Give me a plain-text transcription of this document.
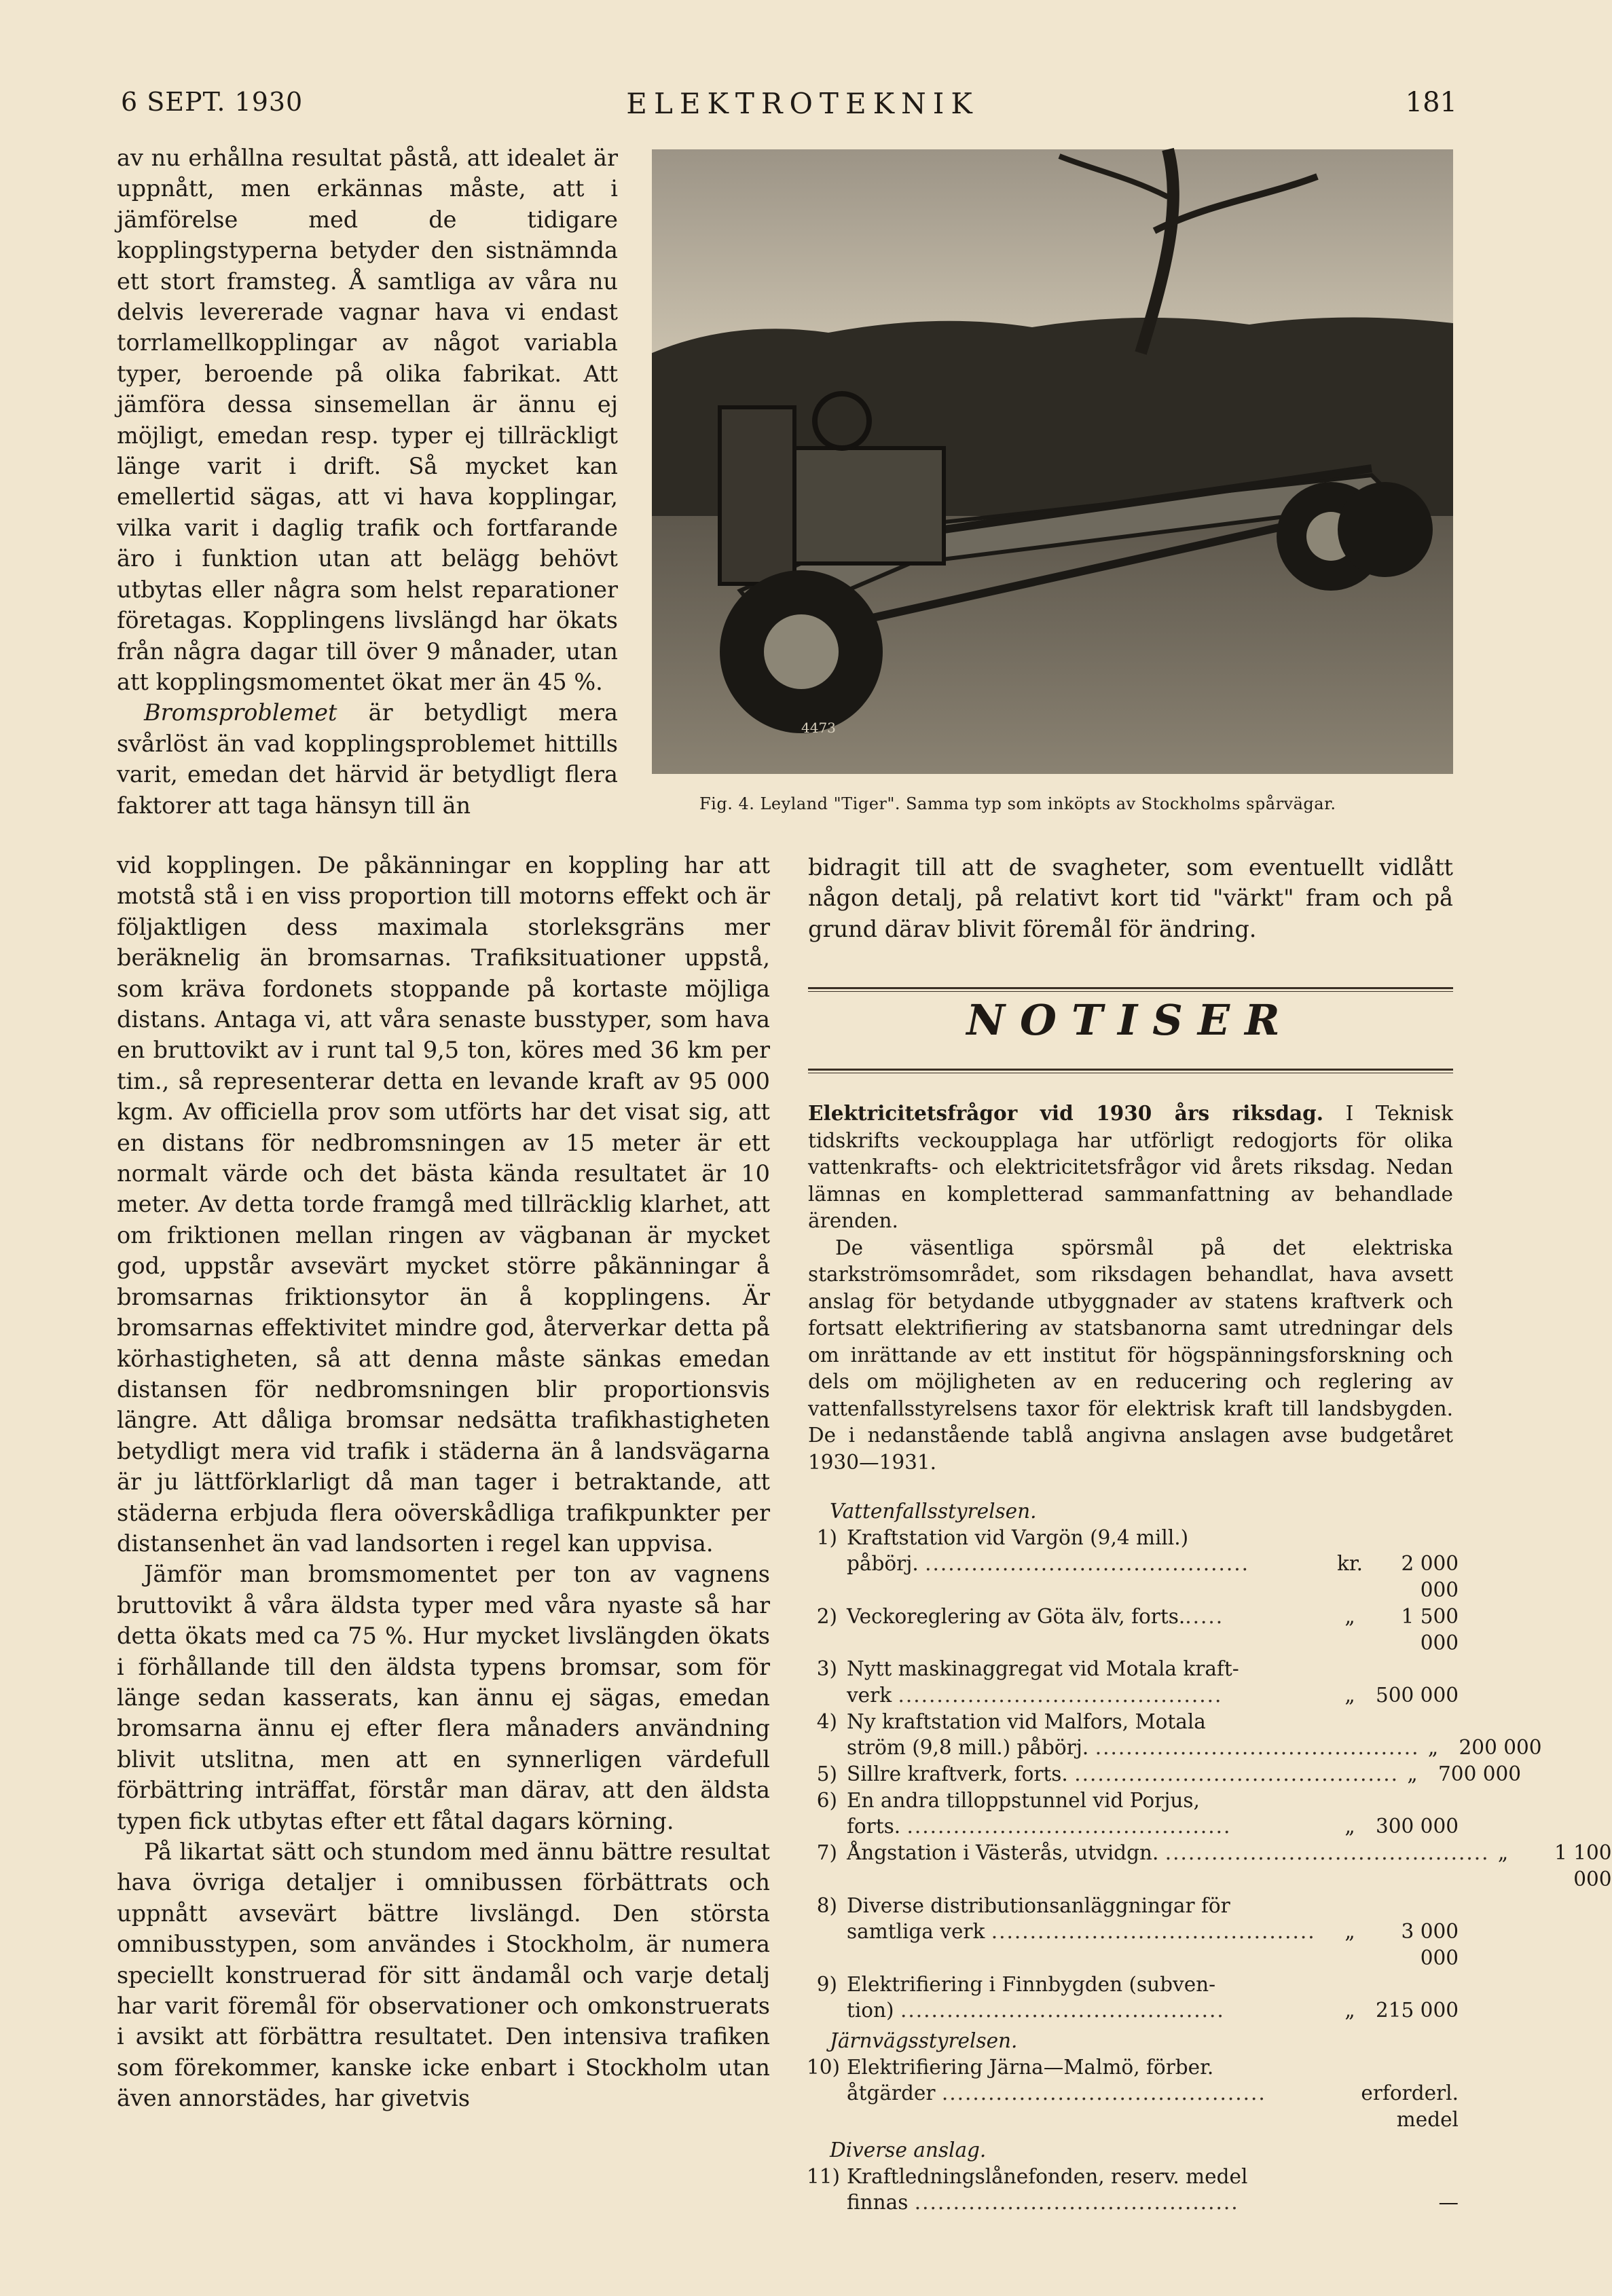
6 SEPT. 1930	ELEKTROTEKNIK	181

av nu erhållna resultat påstå, att idealet är uppnått, men erkännas måste, att i jämförelse med de tidigare kopplingstyperna betyder den sistnämnda ett stort framsteg. Å samtliga av våra nu delvis levererade vagnar hava vi endast torrlamellkopplingar av något variabla typer, beroende på olika fabrikat. Att jämföra dessa sinsemellan är ännu ej möjligt, emedan resp. typer ej tillräckligt länge varit i drift. Så mycket kan emellertid sägas, att vi hava kopplingar, vilka varit i daglig trafik och fortfarande äro i funktion utan att belägg behövt utbytas eller några som helst reparationer företagas. Kopplingens livslängd har ökats från några dagar till över 9 månader, utan att kopplingsmomentet ökat mer än 45 %.

Bromsproblemet är betydligt mera svårlöst än vad kopplingsproblemet hittills varit, emedan det härvid är betydligt flera faktorer att taga hänsyn till än

vid kopplingen. De påkänningar en koppling har att motstå stå i en viss proportion till motorns effekt och är följaktligen dess maximala storleksgräns mer beräknelig än bromsarnas. Trafiksituationer uppstå, som kräva fordonets stoppande på kortaste möjliga distans. Antaga vi, att våra senaste busstyper, som hava en bruttovikt av i runt tal 9,5 ton, köres med 36 km per tim., så representerar detta en levande kraft av 95 000 kgm. Av officiella prov som utförts har det visat sig, att en distans för nedbromsningen av 15 meter är ett normalt värde och det bästa kända resultatet är 10 meter. Av detta torde framgå med tillräcklig klarhet, att om friktionen mellan ringen av vägbanan är mycket god, uppstår avsevärt mycket större påkänningar å bromsarnas friktionsytor än å kopplingens. Är bromsarnas effektivitet mindre god, återverkar detta på körhastigheten, så att denna måste sänkas emedan distansen för nedbromsningen blir proportionsvis längre. Att dåliga bromsar nedsätta trafikhastigheten betydligt mera vid trafik i städerna än å landsvägarna är ju lättförklarligt då man tager i betraktande, att städerna erbjuda flera oöverskådliga trafikpunkter per distansenhet än vad landsorten i regel kan uppvisa.

Jämför man bromsmomentet per ton av vagnens bruttovikt å våra äldsta typer med våra nyaste så har detta ökats med ca 75 %. Hur mycket livslängden ökats i förhållande till den äldsta typens bromsar, som för länge sedan kasserats, kan ännu ej sägas, emedan bromsarna ännu ej efter flera månaders användning blivit utslitna, men att en synnerligen värdefull förbättring inträffat, förstår man därav, att den äldsta typen fick utbytas efter ett fåtal dagars körning.

På likartat sätt och stundom med ännu bättre resultat hava övriga detaljer i omnibussen förbättrats och uppnått avsevärt bättre livslängd. Den största omnibusstypen, som användes i Stockholm, är numera speciellt konstruerad för sitt ändamål och varje detalj har varit föremål för observationer och omkonstruerats i avsikt att förbättra resultatet. Den intensiva trafiken som förekommer, kanske icke enbart i Stockholm utan även annorstädes, har givetvis

4473
Fig. 4. Leyland "Tiger". Samma typ som inköpts av Stockholms spårvägar.

bidragit till att de svagheter, som eventuellt vidlått någon detalj, på relativt kort tid "värkt" fram och på grund därav blivit föremål för ändring.

NOTISER

Elektricitetsfrågor vid 1930 års riksdag. I Teknisk tidskrifts veckoupplaga har utförligt redogjorts för olika vattenkrafts- och elektricitetsfrågor vid årets riksdag. Nedan lämnas en kompletterad sammanfattning av behandlade ärenden.

De väsentliga spörsmål på det elektriska starkströmsområdet, som riksdagen behandlat, hava avsett anslag för betydande utbyggnader av statens kraftverk och fortsatt elektrifiering av statsbanorna samt utredningar dels om inrättande av ett institut för högspänningsforskning och dels om möjligheten av en reducering och reglering av vattenfallsstyrelsens taxor för elektrisk kraft till landsbygden. De i nedanstående tablå angivna anslagen avse budgetåret 1930—1931.

Vattenfallsstyrelsen.
1) Kraftstation vid Vargön (9,4 mill.)
påbörj. ..........................................	kr.	2 000 000
2) Veckoreglering av Göta älv, forts......	„	1 500 000
3) Nytt maskinaggregat vid Motala kraft-
verk ..........................................	„	500 000
4) Ny kraftstation vid Malfors, Motala
ström (9,8 mill.) påbörj. .......................................... „	200 000
5) Sillre kraftverk, forts. .......................................... „	700 000
6) En andra tilloppstunnel vid Porjus,
forts. ..........................................	„	300 000
7) Ångstation i Västerås, utvidgn. .......................................... „	1 100 000
8) Diverse distributionsanläggningar för
samtliga verk ..........................................	„	3 000 000
9) Elektrifiering i Finnbygden (subven-
tion) ..........................................	„	215 000
Järnvägsstyrelsen.
10) Elektrifiering Järna—Malmö, förber.
åtgärder ..........................................	erforderl. medel
Diverse anslag.
11) Kraftledningslånefonden, reserv. medel
finnas ..........................................	—
